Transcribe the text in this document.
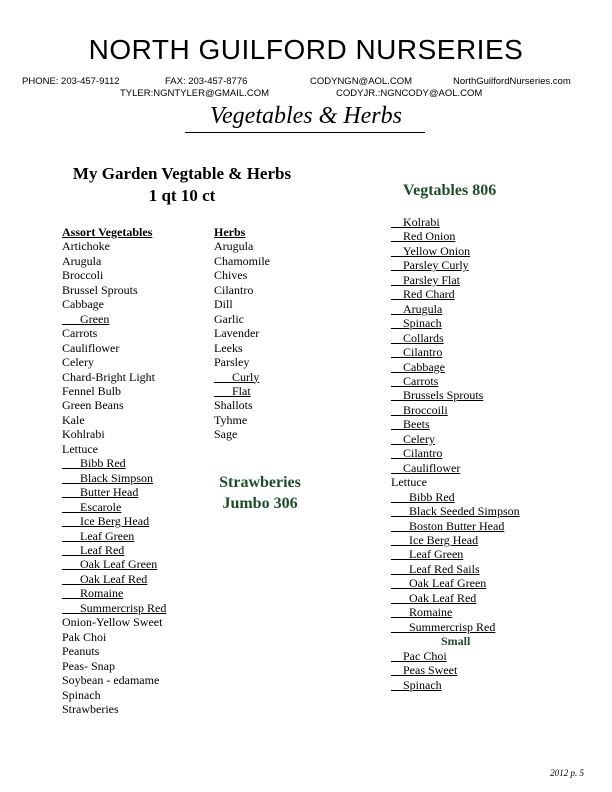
NORTH GUILFORD NURSERIES
PHONE: 203-457-9112	FAX: 203-457-8776	CODYNGN@AOL.COM	NorthGuilfordNurseries.com
TYLER:NGNTYLER@GMAIL.COM	CODYJR.:NGNCODY@AOL.COM
Vegetables & Herbs
My Garden Vegtable & Herbs
1 qt 10 ct
Assort Vegetables
Artichoke
Arugula
Broccoli
Brussel Sprouts
Cabbage
___Green
Carrots
Cauliflower
Celery
Chard-Bright Light
Fennel Bulb
Green Beans
Kale
Kohlrabi
Lettuce
___Bibb Red
___Black Simpson
___Butter Head
___Escarole
___Ice Berg Head
___Leaf Green
___Leaf Red
___Oak Leaf Green
___Oak Leaf Red
___Romaine
___Summercrisp Red
Onion-Yellow Sweet
Pak Choi
Peanuts
Peas- Snap
Soybean - edamame
Spinach
Strawberies
Herbs
Arugula
Chamomile
Chives
Cilantro
Dill
Garlic
Lavender
Leeks
Parsley
___Curly
___Flat
Shallots
Tyhme
Sage
Strawberies
Jumbo 306
Vegtables 806
__Kolrabi
__Red Onion
__Yellow Onion
__Parsley Curly
__Parsley Flat
__Red Chard
__Arugula
__Spinach
__Collards
__Cilantro
__Cabbage
__Carrots
__Brussels Sprouts
__Broccoili
__Beets
__Celery
__Cilantro
__Cauliflower
Lettuce
___Bibb Red
___Black Seeded Simpson
___Boston Butter Head
___Ice Berg Head
___Leaf Green
___Leaf Red Sails
___Oak Leaf Green
___Oak Leaf Red
___Romaine
___Summercrisp Red
Small
__Pac Choi
__Peas Sweet
__Spinach
2012 p. 5
